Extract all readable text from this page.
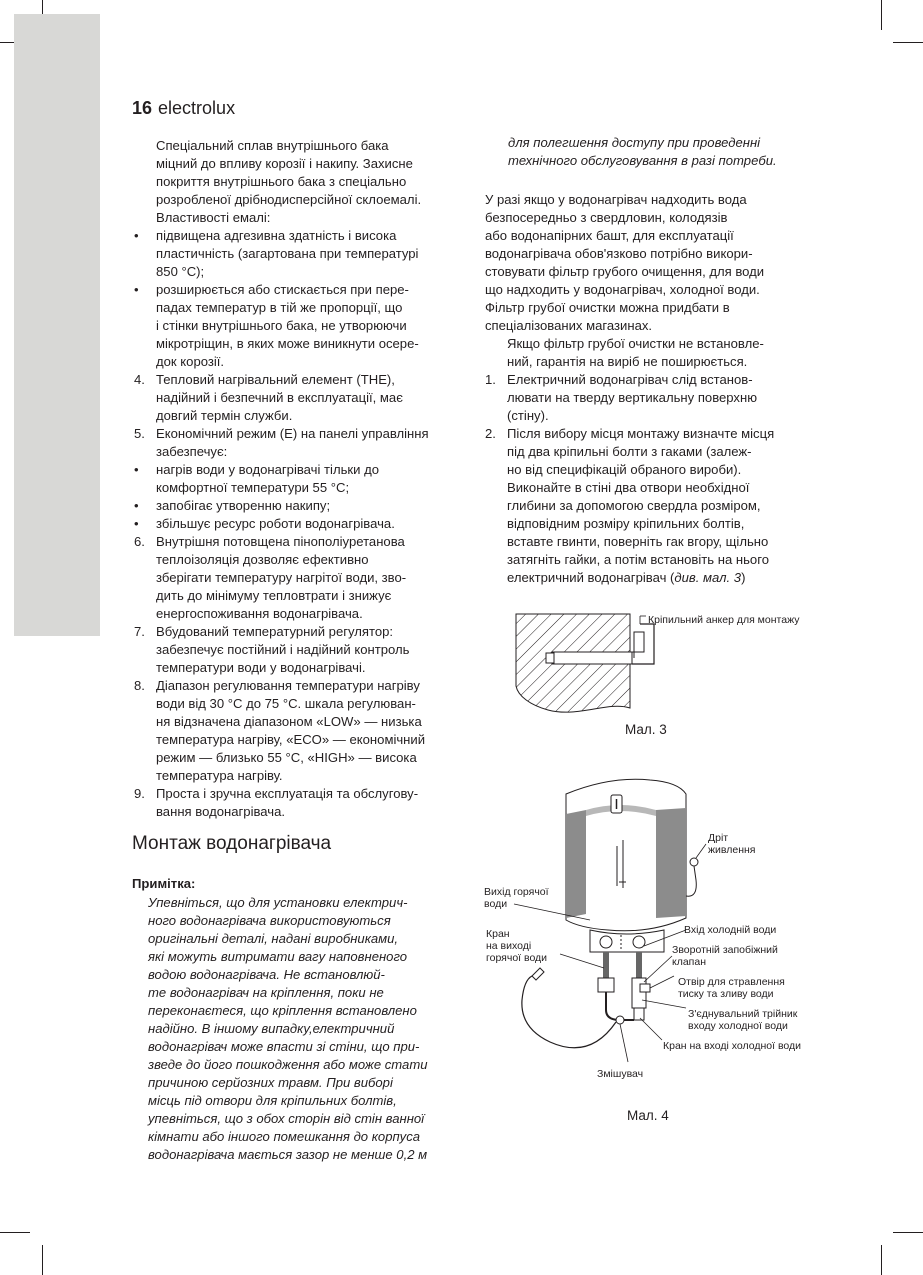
16 electrolux

Спеціальний сплав внутрішнього бака

міцний до впливу корозії і накипу. Захисне

покриття внутрішнього бака з спеціально

розробленої дрібнодисперсійної склоемалі.

Властивості емалі:

• підвищена адгезивна здатність і висока

пластичність (загартована при температурі

850 °C);

• розширюється або стискається при пере-

падах температур в тій же пропорції, що

і стінки внутрішнього бака, не утворюючи

мікротріщин, в яких може виникнути осере-

док корозії.

4. Тепловий нагрівальний елемент (ТНЕ),

надійний і безпечний в експлуатації, має

довгий термін служби.

5. Економічний режим (Е) на панелі управління

забезпечує:

• нагрів води у водонагрівачі тільки до

комфортної температури 55 °C;

• запобігає утворенню накипу;

• збільшує ресурс роботи водонагрівача.

6. Внутрішня потовщена пінополіуретанова

теплоізоляція дозволяє ефективно

зберігати температуру нагрітої води, зво-

дить до мінімуму тепловтрати і знижує

енергоспоживання водонагрівача.

7. Вбудований температурний регулятор:

забезпечує постійний і надійний контроль

температури води у водонагрівачі.

8. Діапазон регулювання температури нагріву

води від 30 °C до 75 °C. шкала регулюван-

ня відзначена діапазоном «LOW» — низька

температура нагріву, «ECO» — економічний

режим — близько 55 °C, «HIGH» — висока

температура нагріву.

9. Проста і зручна експлуатація та обслугову-

вання водонагрівача.

Монтаж водонагрівача
Примітка:
Упевніться, що для установки електрич-
ного водонагрівача використовуються
оригінальні деталі, надані виробниками,
які можуть витримати вагу наповненого
водою водонагрівача. Не встановлюй-
те водонагрівач на кріплення, поки не
переконаєтеся, що кріплення встановлено
надійно. В іншому випадку,електричний
водонагрівач може впасти зі стіни, що при-
зведе до його пошкодження або може стати
причиною серйозних травм. При виборі
місць під отвори для кріпильних болтів,
упевніться, що з обох сторін від стін ванної
кімнати або іншого помешкання до корпуса
водонагрівача мається зазор не менше 0,2 м

для полегшення доступу при проведенні

технічного обслуговування в разі потреби.

У разі якщо у водонагрівач надходить вода

безпосередньо з свердловин, колодязів

або водонапірних башт, для експлуатації

водонагрівача обов'язково потрібно викори-

стовувати фільтр грубого очищення, для води

що надходить у водонагрівач, холодної води.

Фільтр грубої очистки можна придбати в

спеціалізованих магазинах.

Якщо фільтр грубої очистки не встановле-

ний, гарантія на виріб не поширюється.

1. Електричний водонагрівач слід встанов-

лювати на тверду вертикальну поверхню

(стіну).

2. Після вибору місця монтажу визначте місця

під два кріпильні болти з гаками (залеж-

но від специфікацій обраного вироби).

Виконайте в стіні два отвори необхідної

глибини за допомогою свердла розміром,

відповідним розміру кріпильних болтів,

вставте гвинти, поверніть гак вгору, щільно

затягніть гайки, а потім встановіть на нього

електричний водонагрівач (див. мал. 3)

Кріпильний анкер для монтажу
Мал. 3
Дріт
живлення
Вихід горячої
води
Кран
на виході
горячої води
Вхід холодній води
Зворотній запобіжний
клапан
Отвір для стравлення
тиску та зливу води
З'єднувальний трійник
входу холодної води
Кран на вході холодної води
Змішувач
Мал. 4
